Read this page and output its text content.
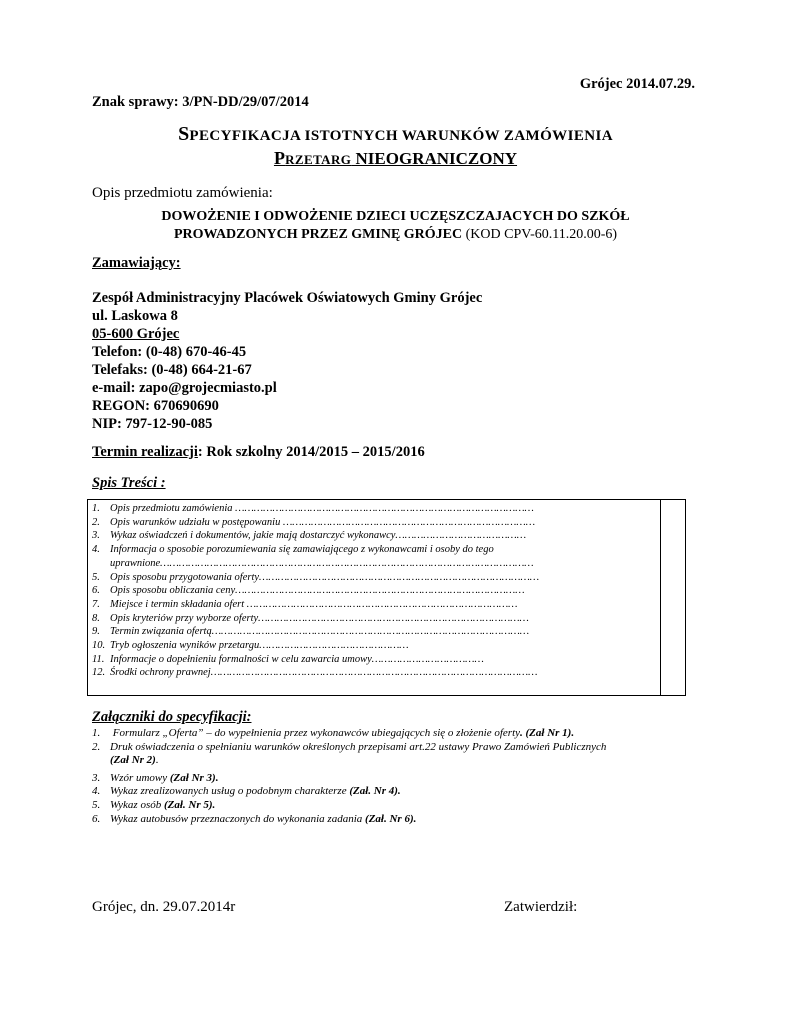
Grójec 2014.07.29.
Znak sprawy: 3/PN-DD/29/07/2014
SPECYFIKACJA ISTOTNYCH WARUNKÓW ZAMÓWIENIA
PRZETARG NIEOGRANICZONY
Opis przedmiotu zamówienia:
DOWOŻENIE I ODWOŻENIE DZIECI UCZĘSZCZAJACYCH DO SZKÓŁ
PROWADZONYCH PRZEZ GMINĘ GRÓJEC (KOD CPV-60.11.20.00-6)
Zamawiający:
Zespół Administracyjny Placówek Oświatowych Gminy Grójec
ul. Laskowa 8
05-600 Grójec
Telefon: (0-48) 670-46-45
Telefaks: (0-48) 664-21-67
e-mail: zapo@grojecmiasto.pl
REGON: 670690690
NIP: 797-12-90-085
Termin realizacji: Rok szkolny 2014/2015 – 2015/2016
Spis Treści :
1. Opis przedmiotu zamówienia ……………………………………………………………………………………
2. Opis warunków udziału w postępowaniu ………………………………………………………………………
3. Wykaz oświadczeń i dokumentów, jakie mają dostarczyć wykonawcy……………………………………
4. Informacja o sposobie porozumiewania się zamawiającego z wykonawcami i osoby do tego
uprawnione…………………………………………………………………………………………………………
5. Opis sposobu przygotowania oferty………………………………………………………………………………
6. Opis sposobu obliczania ceny…………………………………………………………………………………
7. Miejsce i termin składania ofert ……………………………………………………………………………
8. Opis kryteriów przy wyborze oferty……………………………………………………………………………
9. Termin związania ofertą…………………………………………………………………………………………
10. Tryb ogłoszenia wyników przetargu…………………………………………
11. Informacje o dopełnieniu formalności w celu zawarcia umowy………………………………
12. Środki ochrony prawnej……………………………………………………………………………………………
Załączniki do specyfikacji:
1. Formularz „Oferta” – do wypełnienia przez wykonawców ubiegających się o złożenie oferty. (Zał Nr 1).
2. Druk oświadczenia o spełnianiu warunków określonych przepisami art.22 ustawy Prawo Zamówień Publicznych
(Zał Nr 2).
3. Wzór umowy (Zał Nr 3).
4. Wykaz zrealizowanych usług o podobnym charakterze (Zał. Nr 4).
5. Wykaz osób (Zał. Nr 5).
6. Wykaz autobusów przeznaczonych do wykonania zadania (Zał. Nr 6).
Grójec, dn. 29.07.2014r	Zatwierdził:
